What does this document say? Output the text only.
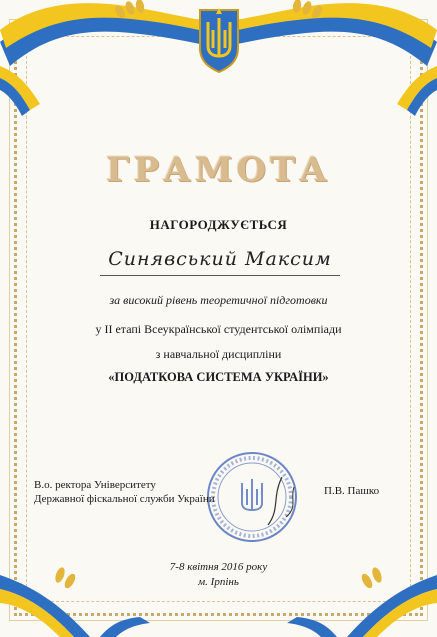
ГРАМОТА
НАГОРОДЖУЄТЬСЯ
Синявський Максим
за високий рівень теоретичної підготовки
у ІІ етапі Всеукраїнської студентської олімпіади
з навчальної дисципліни
«ПОДАТКОВА СИСТЕМА УКРАЇНИ»
В.о. ректора Університету
Державної фіскальної служби України
П.В. Пашко
7-8 квітня 2016 року
м. Ірпінь
